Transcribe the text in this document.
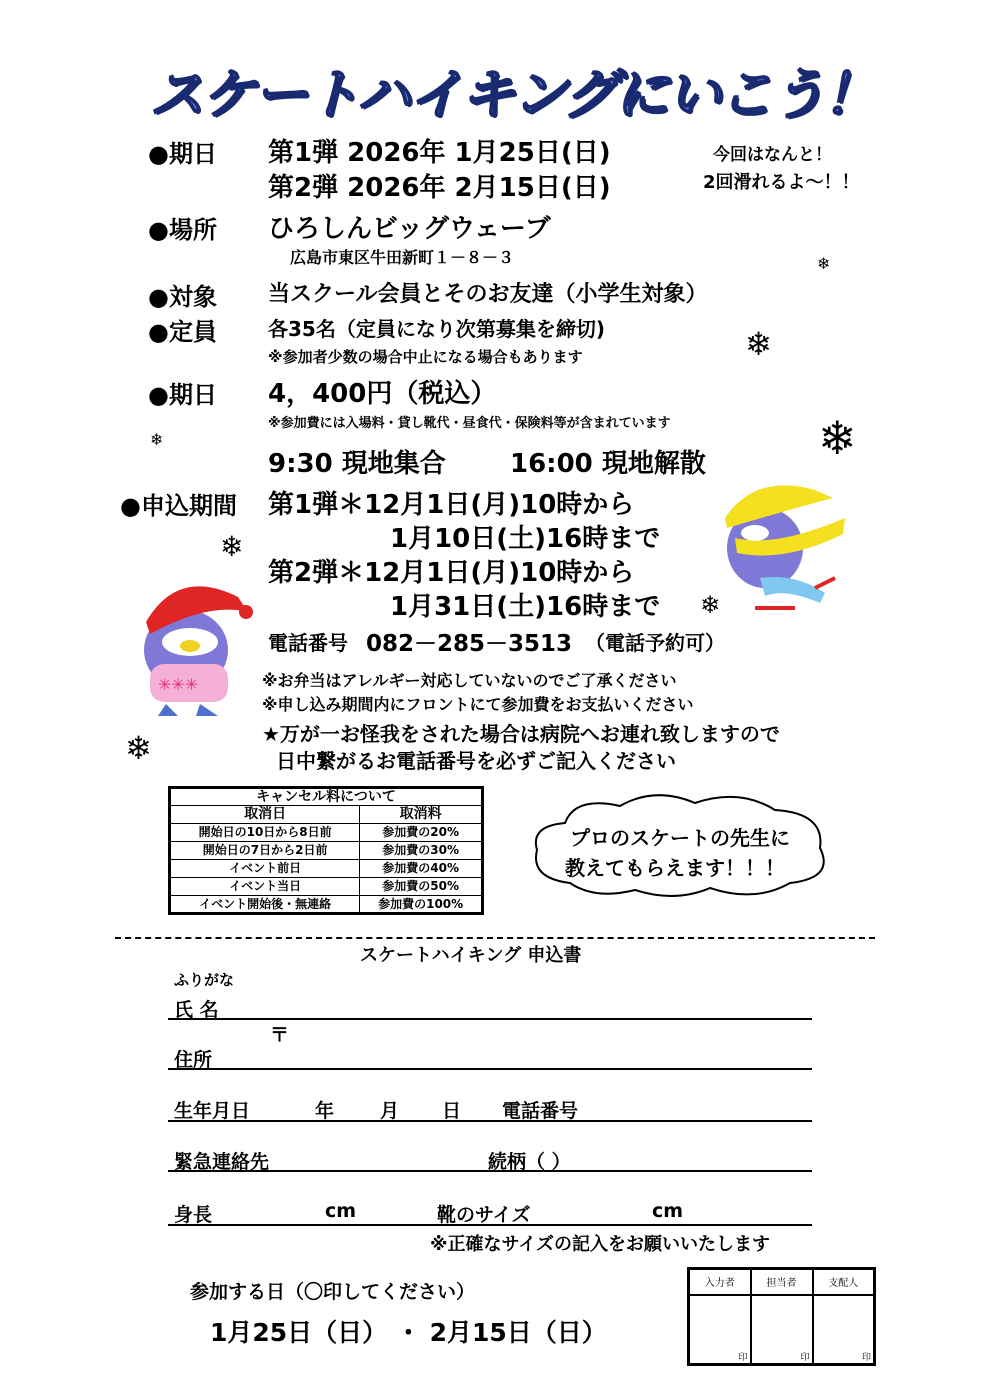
スケートハイキングにいこう！
●期日 第1弾 2026年 1月25日(日)
第2弾 2026年 2月15日(日)
今回はなんと！
2回滑れるよ〜！！
●場所 ひろしんビッグウェーブ
広島市東区牛田新町１－８－３
●対象 当スクール会員とそのお友達（小学生対象）
●定員	各35名（定員になり次第募集を締切)
※参加者少数の場合中止になる場合もあります
●期日 4，400円（税込）
※参加費には入場料・貸し靴代・昼食代・保険料等が含まれています
9:30 現地集合 16:00 現地解散
●申込期間 第1弾＊12月1日(月)10時から
1月10日(土)16時まで
第2弾＊12月1日(月)10時から
1月31日(土)16時まで
電話番号 082－285－3513 （電話予約可）
※お弁当はアレルギー対応していないのでご了承ください
※申し込み期間内にフロントにて参加費をお支払いください
★万が一お怪我をされた場合は病院へお連れ致しますので
日中繋がるお電話番号を必ずご記入ください
❄
❄
❄	❄
❄
❄
❄
✳✳✳
キャンセル料について	
取消日	取消料
開始日の10日から8日前	参加費の20%
開始日の7日から2日前	参加費の30%
イベント前日	参加費の40%
イベント当日	参加費の50%
イベント開始後・無連絡	参加費の100%
プロのスケートの先生に
教えてもらえます！！！
スケートハイキング 申込書
ふりがな
氏 名
〒
住所
生年月日	年 月 日 電話番号
緊急連絡先	続柄（ ）
身長	cm	靴のサイズ	cm
※正確なサイズの記入をお願いいたします
参加する日（〇印してください）
1月25日（日） ・ 2月15日（日）
入力者	担当者	支配人
印	印	印
